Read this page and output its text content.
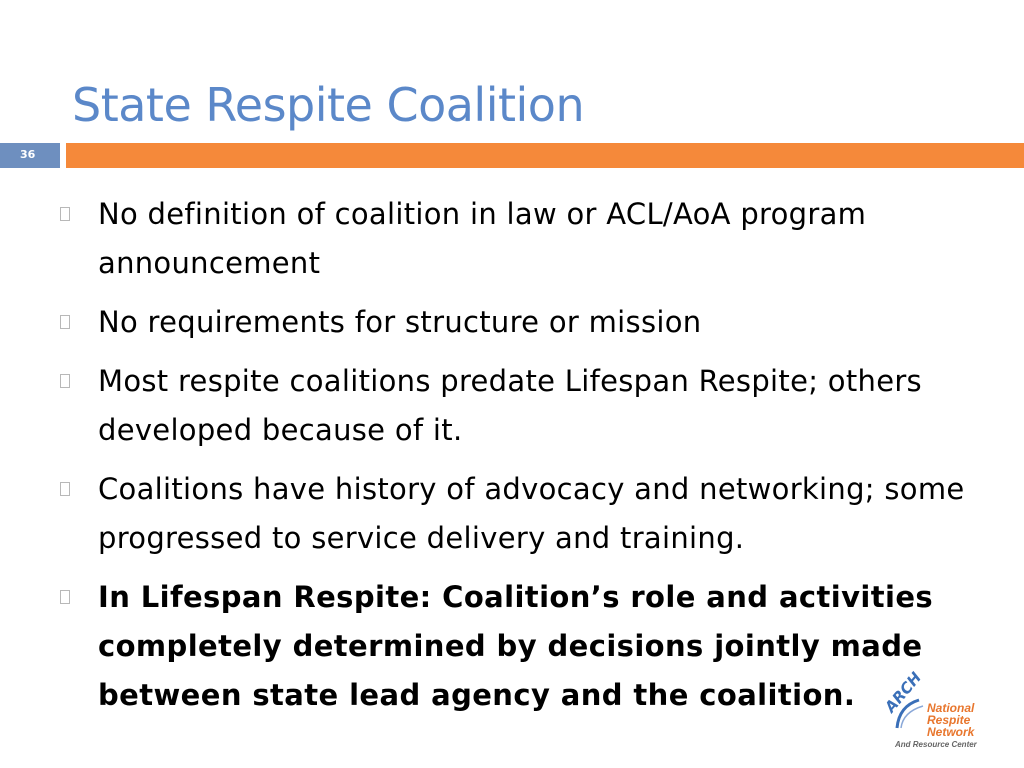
State Respite Coalition
36
No definition of coalition in law or ACL/AoA program announcement
No requirements for structure or mission
Most respite coalitions predate Lifespan Respite; others developed because of it.
Coalitions have history of advocacy and networking; some progressed to service delivery and training.
In Lifespan Respite: Coalition’s role and activities completely determined by decisions jointly made between state lead agency and the coalition.	ARCH National
Respite
Network
And Resource Center
